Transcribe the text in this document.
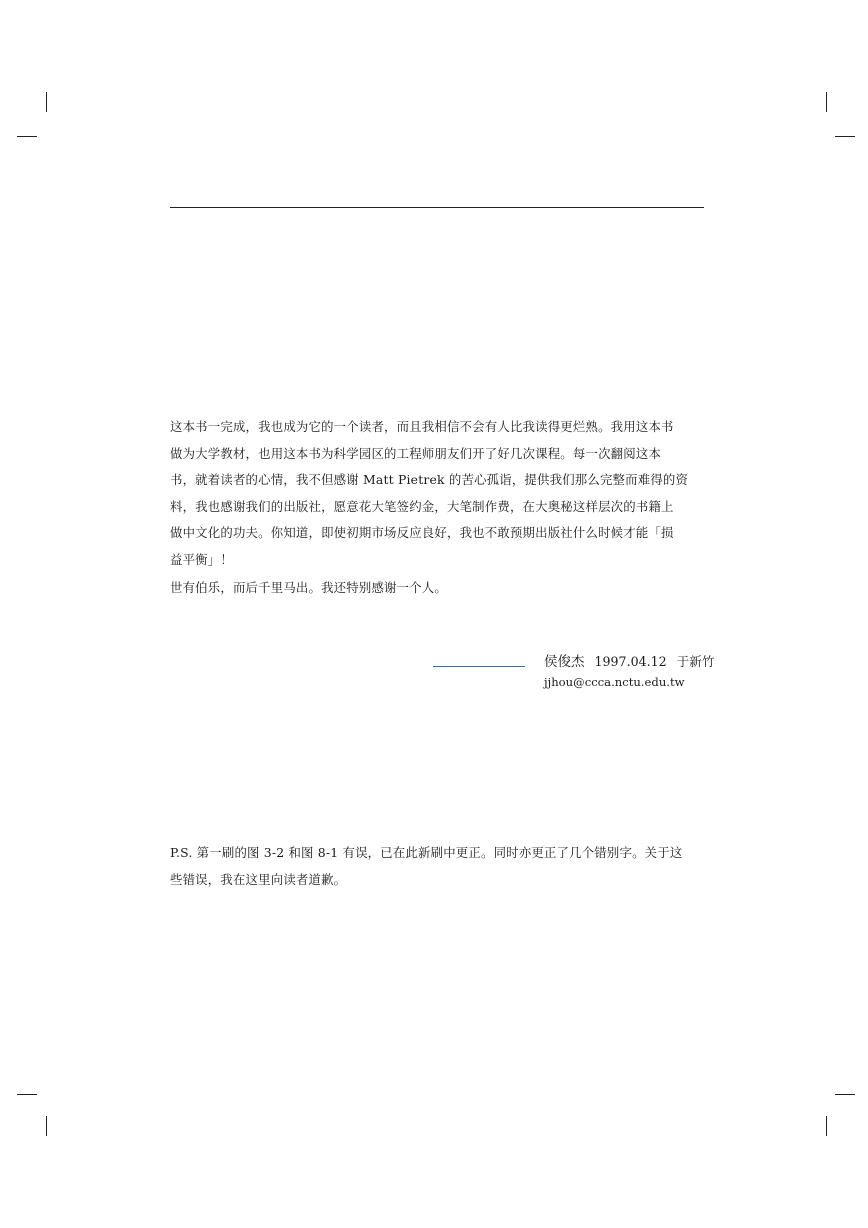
这本书一完成，我也成为它的一个读者，而且我相信不会有人比我读得更烂熟。我用这本书
做为大学教材，也用这本书为科学园区的工程师朋友们开了好几次课程。每一次翻阅这本
书，就着读者的心情，我不但感谢 Matt Pietrek 的苦心孤诣，提供我们那么完整而难得的资
料，我也感谢我们的出版社，愿意花大笔签约金，大笔制作费，在大奥秘这样层次的书籍上
做中文化的功夫。你知道，即使初期市场反应良好，我也不敢预期出版社什么时候才能「损
益平衡」！

世有伯乐，而后千里马出。我还特别感谢一个人。

侯俊杰 1997.04.12 于新竹
jjhou@ccca.nctu.edu.tw

P.S. 第一刷的图 3-2 和图 8-1 有误，已在此新刷中更正。同时亦更正了几个错别字。关于这
些错误，我在这里向读者道歉。
